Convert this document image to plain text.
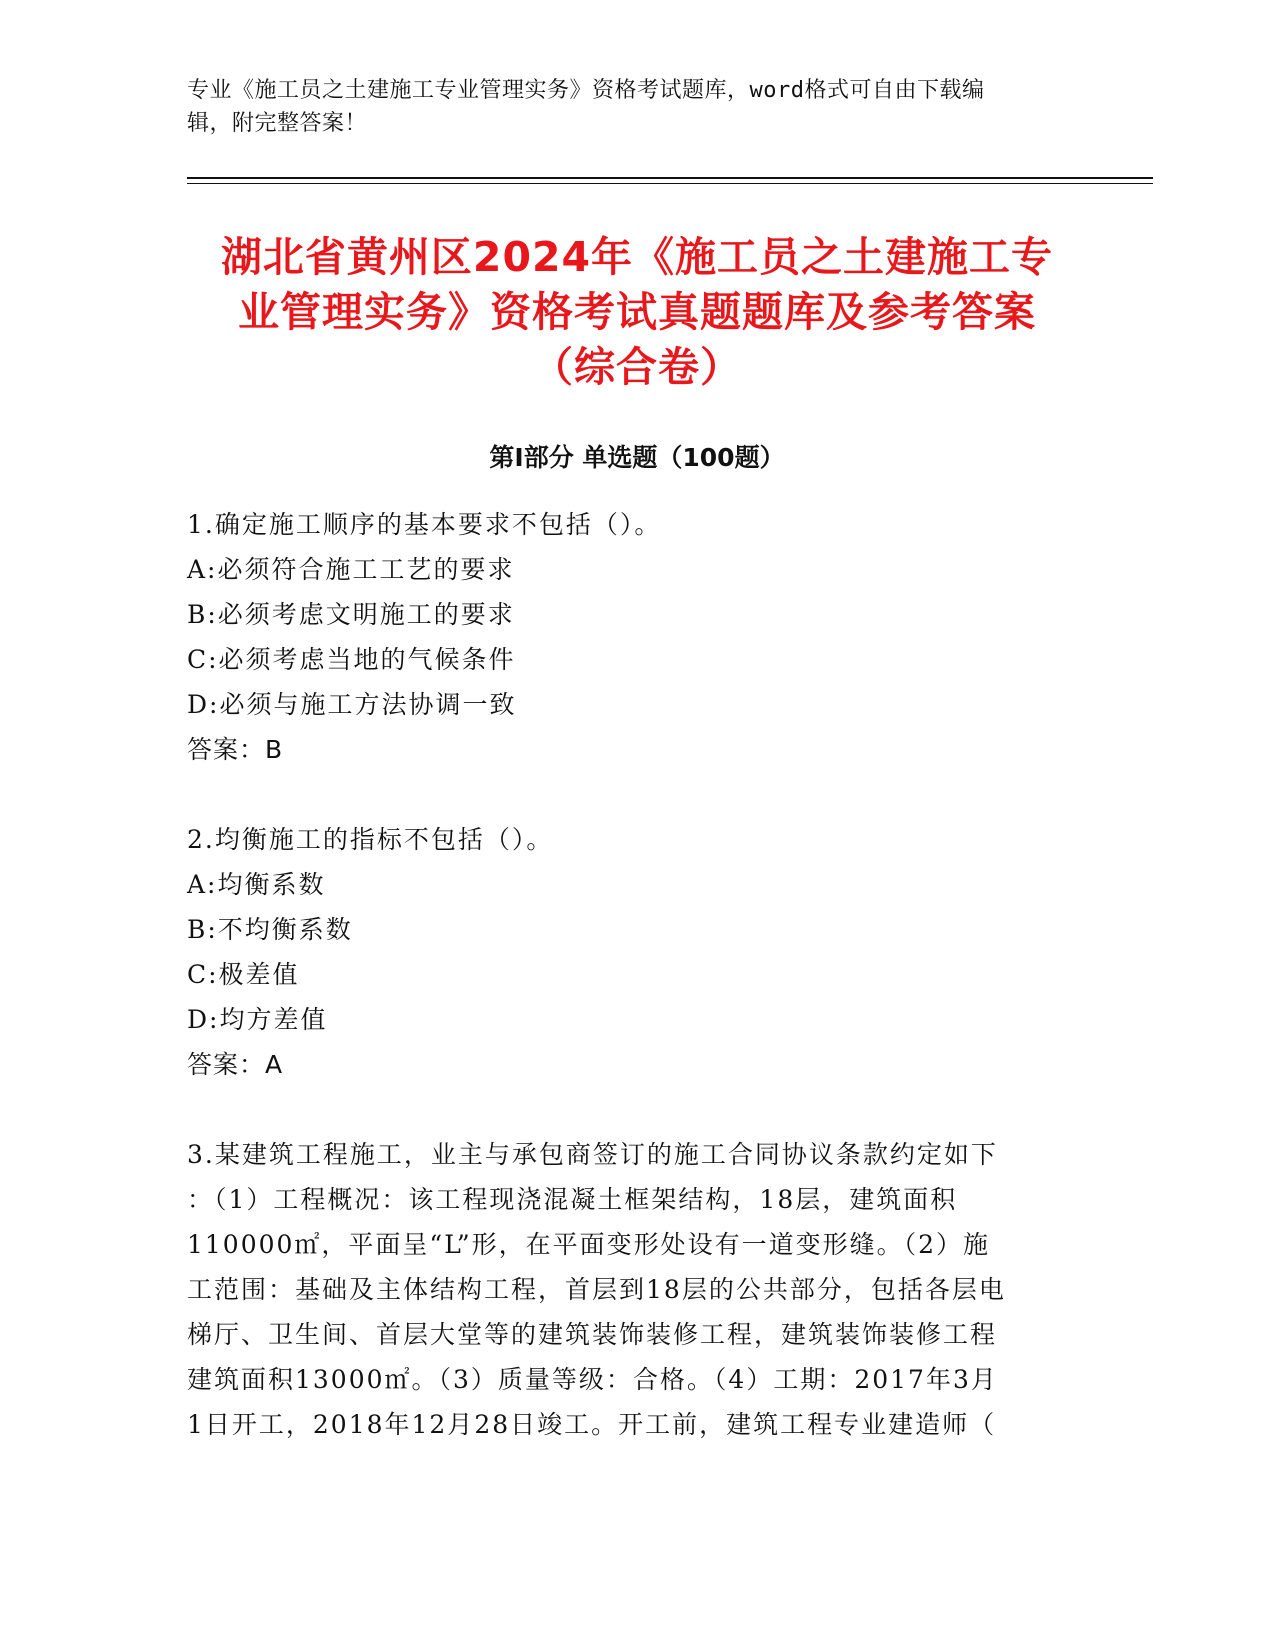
专业《施工员之土建施工专业管理实务》资格考试题库，word格式可自由下载编
辑，附完整答案！
湖北省黄州区2024年《施工员之土建施工专
业管理实务》资格考试真题题库及参考答案
（综合卷）
第Ⅰ部分 单选题（100题）
1.确定施工顺序的基本要求不包括（）。
A:必须符合施工工艺的要求
B:必须考虑文明施工的要求
C:必须考虑当地的气候条件
D:必须与施工方法协调一致
答案：B
2.均衡施工的指标不包括（）。
A:均衡系数
B:不均衡系数
C:极差值
D:均方差值
答案：A
3.某建筑工程施工，业主与承包商签订的施工合同协议条款约定如下
：（1）工程概况：该工程现浇混凝土框架结构，18层，建筑面积
110000㎡，平面呈“L”形，在平面变形处设有一道变形缝。（2）施
工范围：基础及主体结构工程，首层到18层的公共部分，包括各层电
梯厅、卫生间、首层大堂等的建筑装饰装修工程，建筑装饰装修工程
建筑面积13000㎡。（3）质量等级：合格。（4）工期：2017年3月
1日开工，2018年12月28日竣工。开工前，建筑工程专业建造师（
